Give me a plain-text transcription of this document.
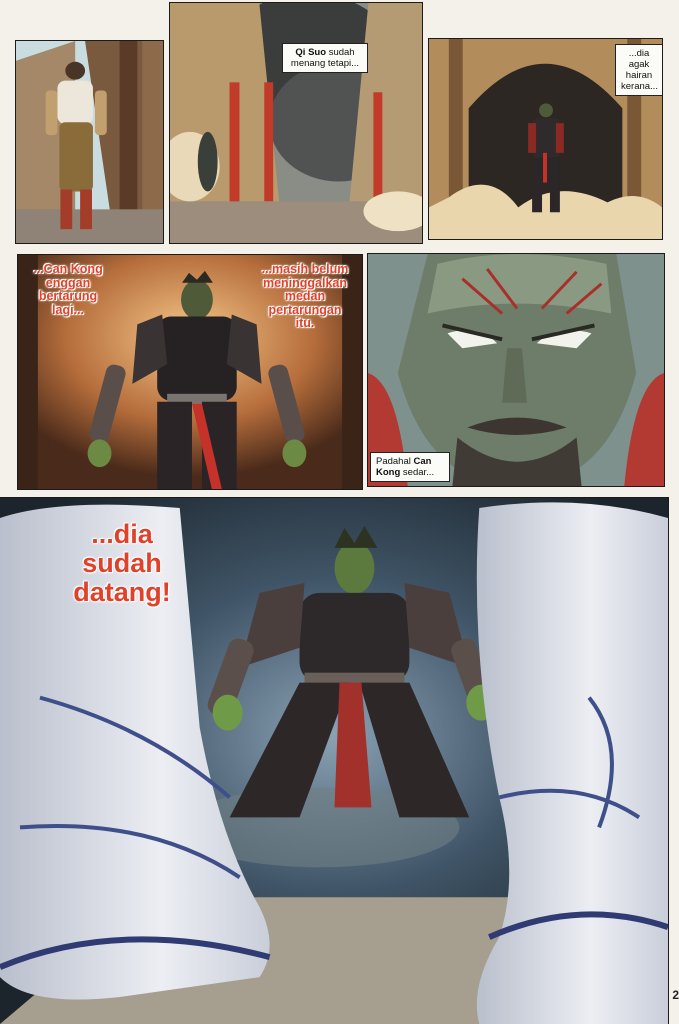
Qi Suo sudah
menang tetapi...
...dia agak
hairan
kerana...
...Can Kong
enggan
bertarung
lagi...
...masih belum
meninggalkan
medan
pertarungan
itu.
Padahal Can
Kong sedar...
...dia
sudah
datang!
2
